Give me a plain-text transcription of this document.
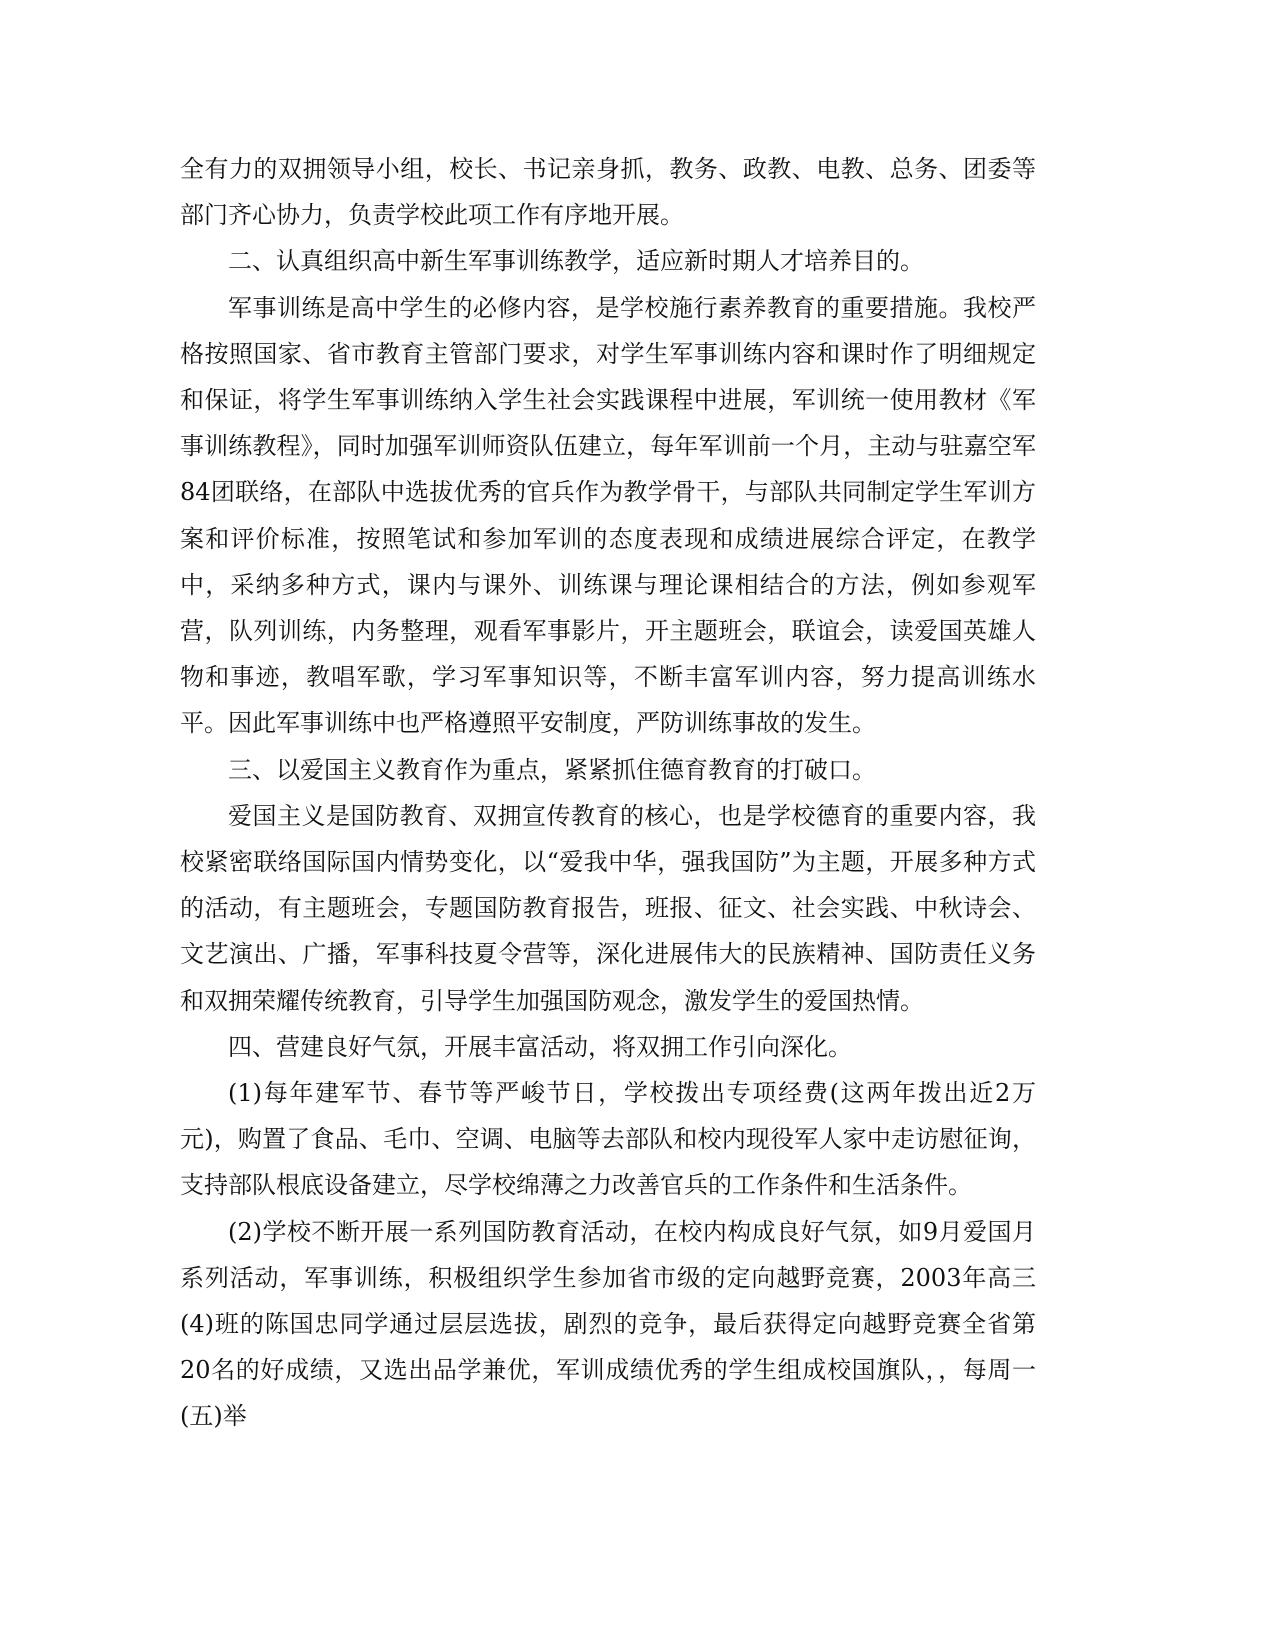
全有力的双拥领导小组，校长、书记亲身抓，教务、政教、电教、总务、团委等部门齐心协力，负责学校此项工作有序地开展。

二、认真组织高中新生军事训练教学，适应新时期人才培养目的。

军事训练是高中学生的必修内容，是学校施行素养教育的重要措施。我校严格按照国家、省市教育主管部门要求，对学生军事训练内容和课时作了明细规定和保证，将学生军事训练纳入学生社会实践课程中进展，军训统一使用教材《军事训练教程》，同时加强军训师资队伍建立，每年军训前一个月，主动与驻嘉空军84团联络，在部队中选拔优秀的官兵作为教学骨干，与部队共同制定学生军训方　　案和评价标准，按照笔试和参加军训的态度表现和成绩进展综合评定，在教学中，采纳多种方式，课内与课外、训练课与理论课相结合的方法，例如参观军营，队列训练，内务整理，观看军事影片，开主题班会，联谊会，读爱国英雄人物和事迹，教唱军歌，学习军事知识等，不断丰富军训内容，努力提高训练水平。因此军事训练中也严格遵照平安制度，严防训练事故的发生。

三、以爱国主义教育作为重点，紧紧抓住德育教育的打破口。

爱国主义是国防教育、双拥宣传教育的核心，也是学校德育的重要内容，我校紧密联络国际国内情势变化，以“爱我中华，强我国防”为主题，开展多种方式的活动，有主题班会，专题国防教育报告，班报、征文、社会实践、中秋诗会、文艺演出、广播，军事科技夏令营等，深化进展伟大的民族精神、国防责任义务和双拥荣耀传统教育，引导学生加强国防观念，激发学生的爱国热情。

四、营建良好气氛，开展丰富活动，将双拥工作引向深化。

(1)每年建军节、春节等严峻节日，学校拨出专项经费(这两年拨出近2万元)，购置了食品、毛巾、空调、电脑等去部队和校内现役军人家中走访慰征询，支持部队根底设备建立，尽学校绵薄之力改善官兵的工作条件和生活条件。

(2)学校不断开展一系列国防教育活动，在校内构成良好气氛，如9月爱国月系列活动，军事训练，积极组织学生参加省市级的定向越野竞赛，2003年高三(4)班的陈国忠同学通过层层选拔，剧烈的竞争，最后获得定向越野竞赛全省第20名的好成绩，又选出品学兼优，军训成绩优秀的学生组成校国旗队，，每周一(五)举
